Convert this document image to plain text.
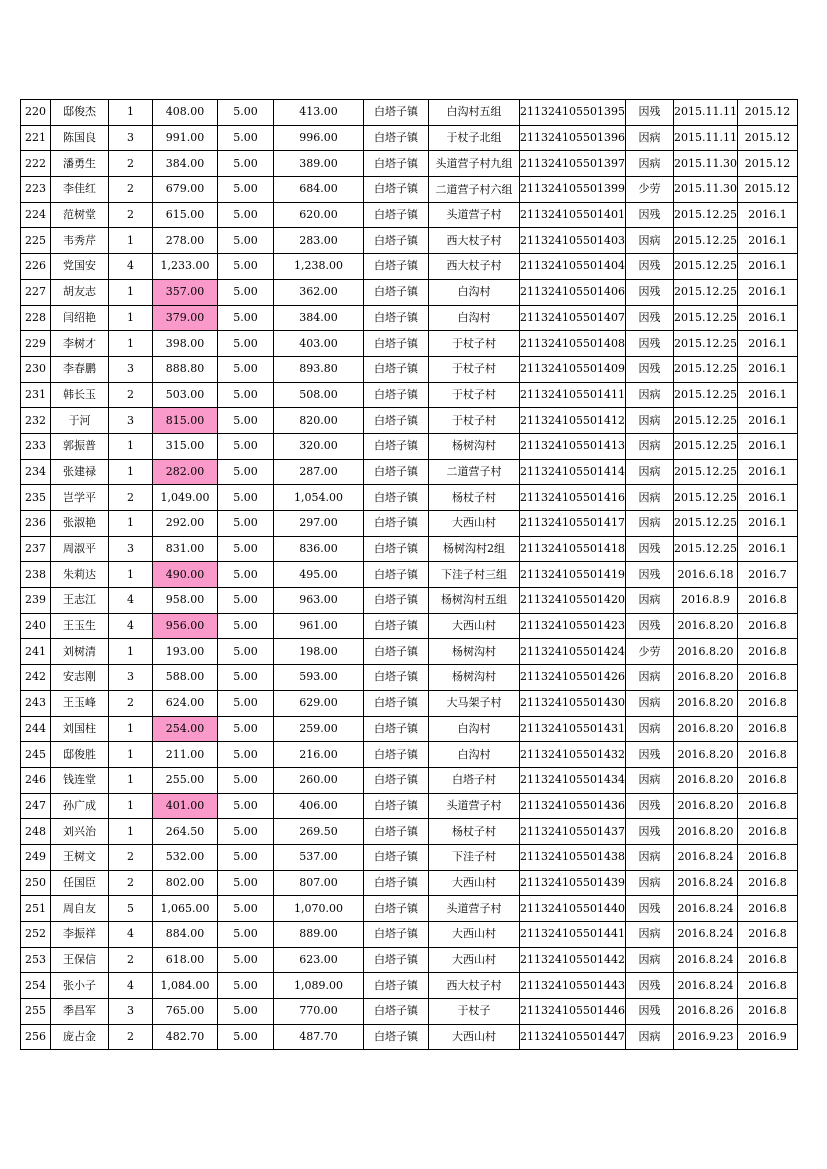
220	邸俊杰	1	408.00	5.00	413.00	白塔子镇	白沟村五组	211324105501395	因残	2015.11.11	2015.12
221	陈国良	3	991.00	5.00	996.00	白塔子镇	于杖子北组	211324105501396	因病	2015.11.11	2015.12
222	潘勇生	2	384.00	5.00	389.00	白塔子镇	头道营子村九组	211324105501397	因病	2015.11.30	2015.12
223	李佳红	2	679.00	5.00	684.00	白塔子镇	二道营子村六组	211324105501399	少劳	2015.11.30	2015.12
224	范树堂	2	615.00	5.00	620.00	白塔子镇	头道营子村	211324105501401	因残	2015.12.25	2016.1
225	韦秀芹	1	278.00	5.00	283.00	白塔子镇	西大杖子村	211324105501403	因病	2015.12.25	2016.1
226	党国安	4	1,233.00	5.00	1,238.00	白塔子镇	西大杖子村	211324105501404	因残	2015.12.25	2016.1
227	胡友志	1	357.00	5.00	362.00	白塔子镇	白沟村	211324105501406	因残	2015.12.25	2016.1
228	闫绍艳	1	379.00	5.00	384.00	白塔子镇	白沟村	211324105501407	因残	2015.12.25	2016.1
229	李树才	1	398.00	5.00	403.00	白塔子镇	于杖子村	211324105501408	因残	2015.12.25	2016.1
230	李春鹏	3	888.80	5.00	893.80	白塔子镇	于杖子村	211324105501409	因残	2015.12.25	2016.1
231	韩长玉	2	503.00	5.00	508.00	白塔子镇	于杖子村	211324105501411	因病	2015.12.25	2016.1
232	于河	3	815.00	5.00	820.00	白塔子镇	于杖子村	211324105501412	因病	2015.12.25	2016.1
233	郭振普	1	315.00	5.00	320.00	白塔子镇	杨树沟村	211324105501413	因病	2015.12.25	2016.1
234	张建禄	1	282.00	5.00	287.00	白塔子镇	二道营子村	211324105501414	因病	2015.12.25	2016.1
235	岂学平	2	1,049.00	5.00	1,054.00	白塔子镇	杨杖子村	211324105501416	因病	2015.12.25	2016.1
236	张淑艳	1	292.00	5.00	297.00	白塔子镇	大西山村	211324105501417	因病	2015.12.25	2016.1
237	周淑平	3	831.00	5.00	836.00	白塔子镇	杨树沟村2组	211324105501418	因残	2015.12.25	2016.1
238	朱莉达	1	490.00	5.00	495.00	白塔子镇	下洼子村三组	211324105501419	因残	2016.6.18	2016.7
239	王志江	4	958.00	5.00	963.00	白塔子镇	杨树沟村五组	211324105501420	因病	2016.8.9	2016.8
240	王玉生	4	956.00	5.00	961.00	白塔子镇	大西山村	211324105501423	因残	2016.8.20	2016.8
241	刘树清	1	193.00	5.00	198.00	白塔子镇	杨树沟村	211324105501424	少劳	2016.8.20	2016.8
242	安志刚	3	588.00	5.00	593.00	白塔子镇	杨树沟村	211324105501426	因病	2016.8.20	2016.8
243	王玉峰	2	624.00	5.00	629.00	白塔子镇	大马架子村	211324105501430	因病	2016.8.20	2016.8
244	刘国柱	1	254.00	5.00	259.00	白塔子镇	白沟村	211324105501431	因病	2016.8.20	2016.8
245	邸俊胜	1	211.00	5.00	216.00	白塔子镇	白沟村	211324105501432	因残	2016.8.20	2016.8
246	钱连堂	1	255.00	5.00	260.00	白塔子镇	白塔子村	211324105501434	因病	2016.8.20	2016.8
247	孙广成	1	401.00	5.00	406.00	白塔子镇	头道营子村	211324105501436	因残	2016.8.20	2016.8
248	刘兴治	1	264.50	5.00	269.50	白塔子镇	杨杖子村	211324105501437	因残	2016.8.20	2016.8
249	王树文	2	532.00	5.00	537.00	白塔子镇	下洼子村	211324105501438	因病	2016.8.24	2016.8
250	任国臣	2	802.00	5.00	807.00	白塔子镇	大西山村	211324105501439	因病	2016.8.24	2016.8
251	周自友	5	1,065.00	5.00	1,070.00	白塔子镇	头道营子村	211324105501440	因残	2016.8.24	2016.8
252	李振祥	4	884.00	5.00	889.00	白塔子镇	大西山村	211324105501441	因病	2016.8.24	2016.8
253	王保信	2	618.00	5.00	623.00	白塔子镇	大西山村	211324105501442	因病	2016.8.24	2016.8
254	张小子	4	1,084.00	5.00	1,089.00	白塔子镇	西大杖子村	211324105501443	因残	2016.8.24	2016.8
255	季昌军	3	765.00	5.00	770.00	白塔子镇	于杖子	211324105501446	因残	2016.8.26	2016.8
256	庞占金	2	482.70	5.00	487.70	白塔子镇	大西山村	211324105501447	因病	2016.9.23	2016.9
